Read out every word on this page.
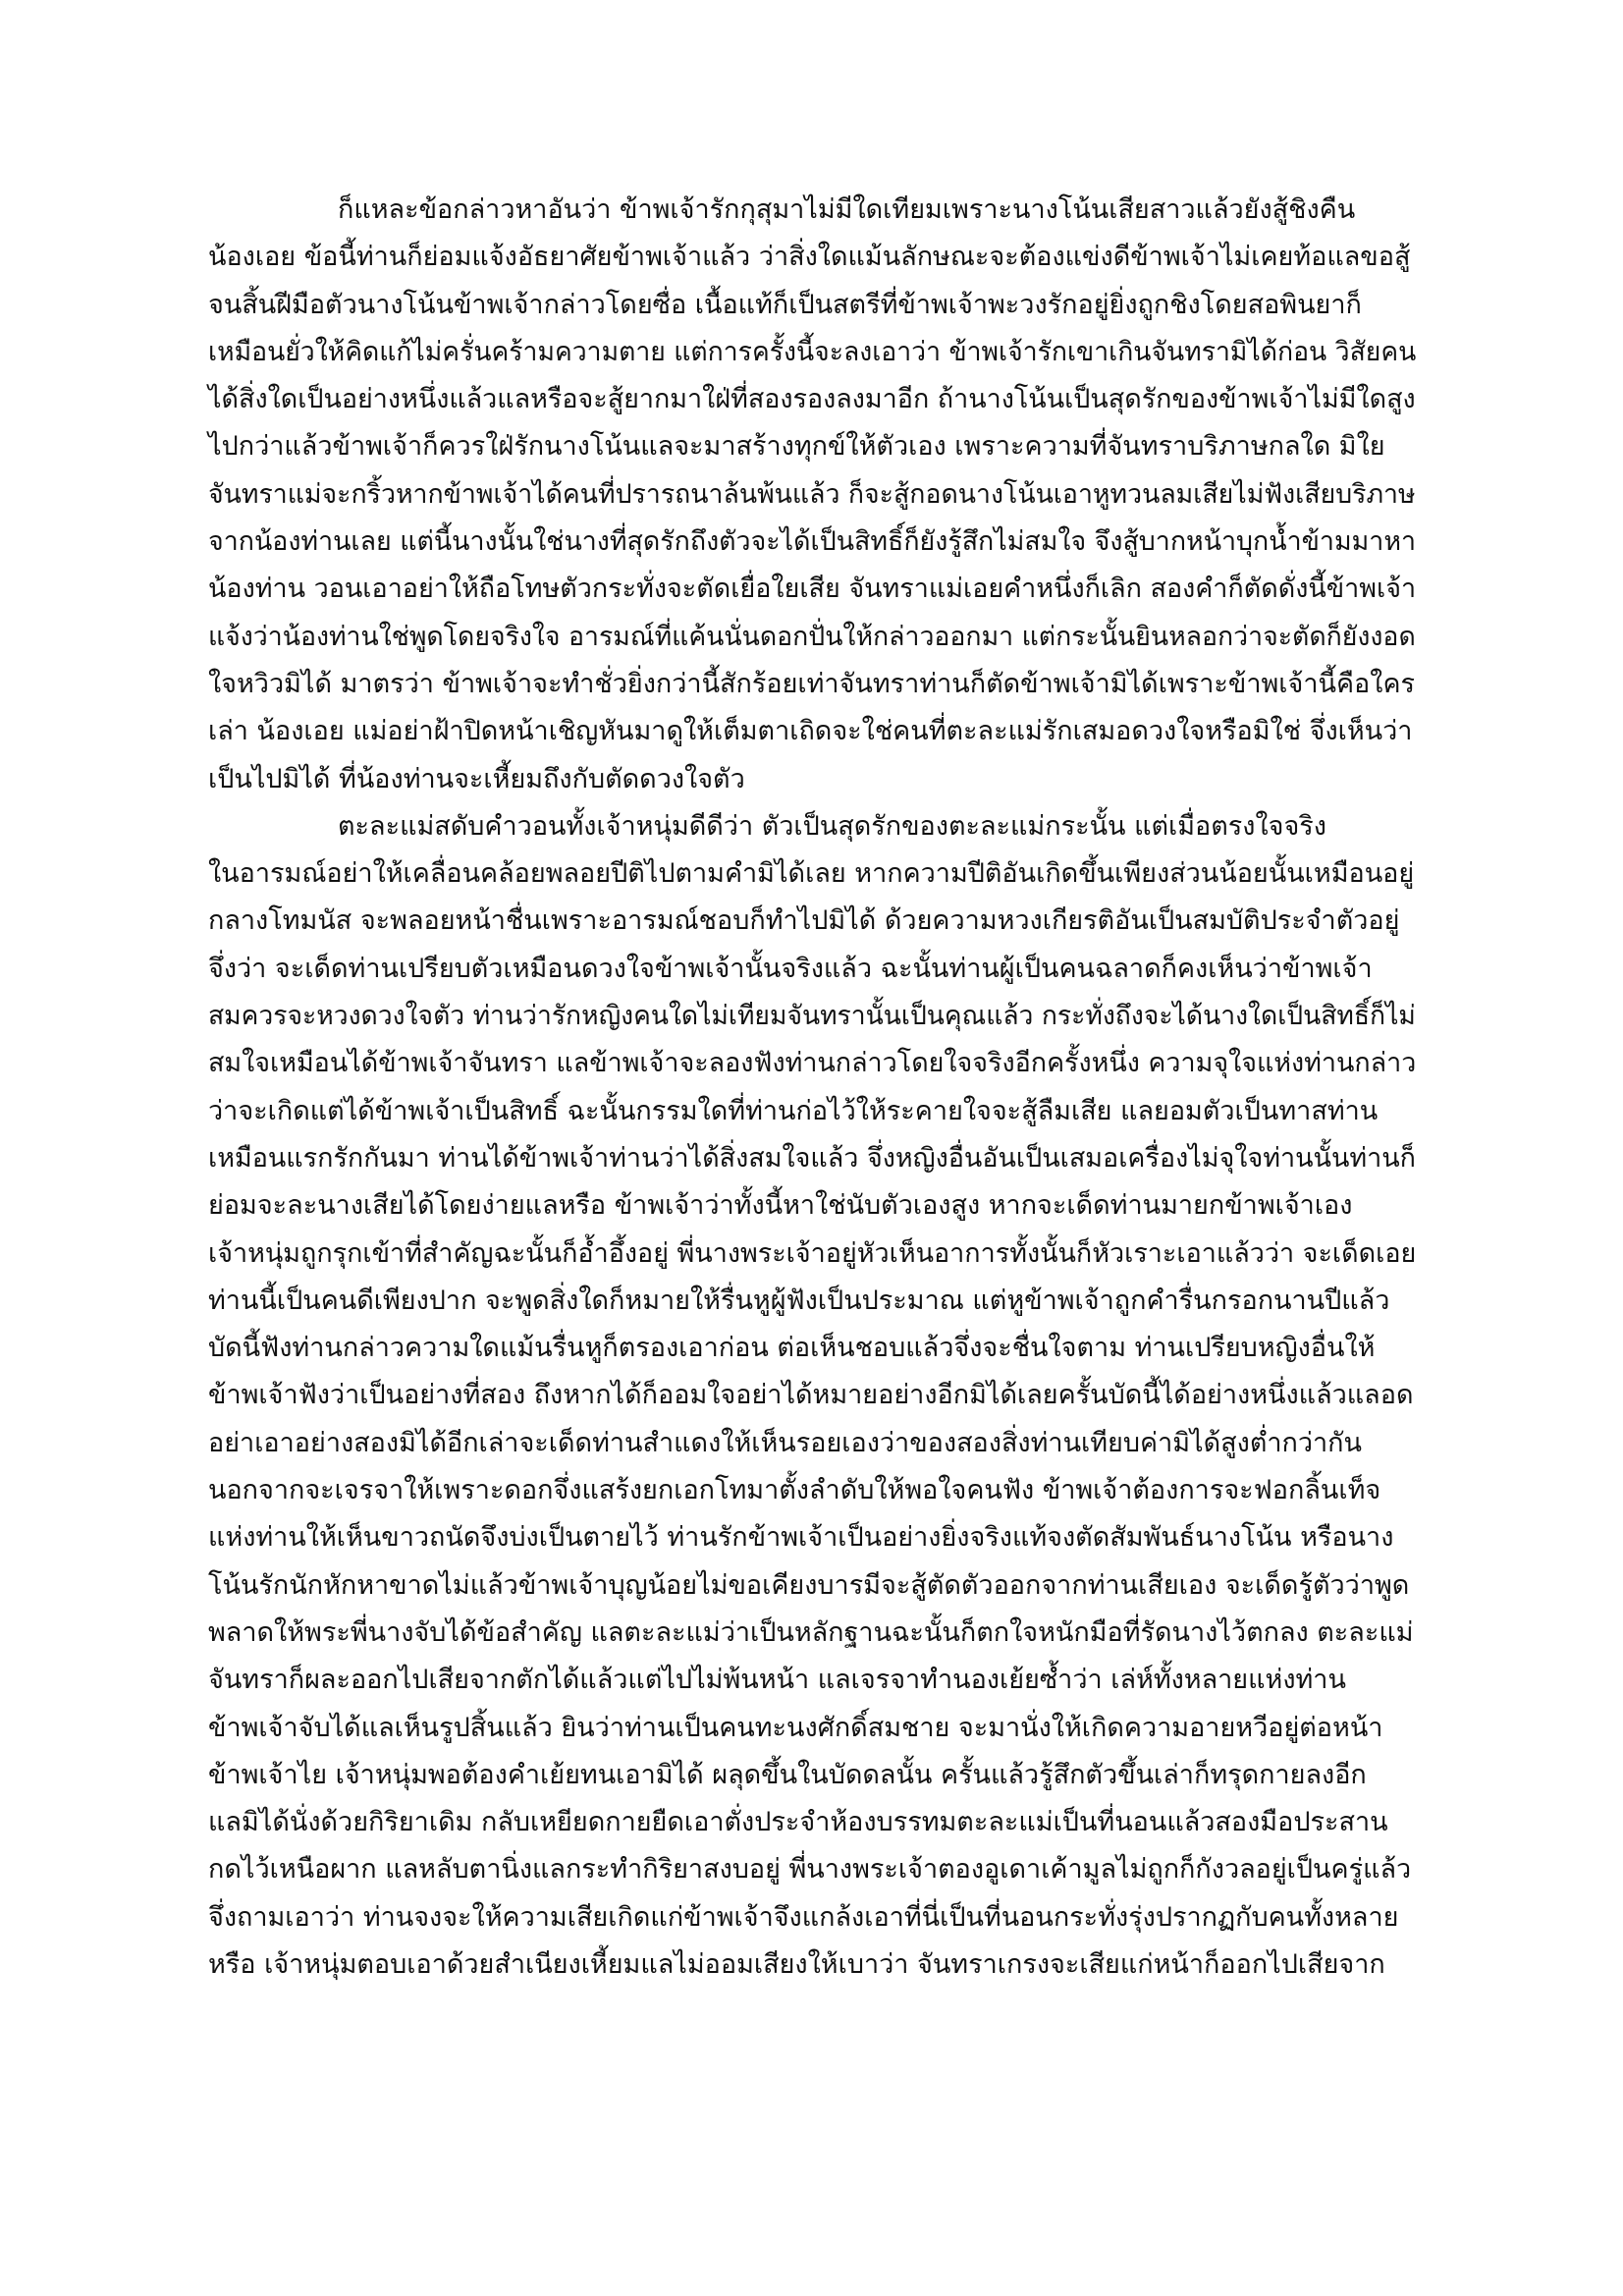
ก็แหละข้อกล่าวหาอันว่า ข้าพเจ้ารักกุสุมาไม่มีใดเทียมเพราะนางโน้นเสียสาวแล้วยังสู้ชิงคืน
น้องเอย ข้อนี้ท่านก็ย่อมแจ้งอัธยาศัยข้าพเจ้าแล้ว ว่าสิ่งใดแม้นลักษณะจะต้องแข่งดีข้าพเจ้าไม่เคยท้อแลขอสู้
จนสิ้นฝีมือตัวนางโน้นข้าพเจ้ากล่าวโดยซื่อ เนื้อแท้ก็เป็นสตรีที่ข้าพเจ้าพะวงรักอยู่ยิ่งถูกชิงโดยสอพินยาก็
เหมือนยั่วให้คิดแก้ไม่ครั่นคร้ามความตาย แต่การครั้งนี้จะลงเอาว่า ข้าพเจ้ารักเขาเกินจันทรามิได้ก่อน วิสัยคน
ได้สิ่งใดเป็นอย่างหนึ่งแล้วแลหรือจะสู้ยากมาใฝ่ที่สองรองลงมาอีก ถ้านางโน้นเป็นสุดรักของข้าพเจ้าไม่มีใดสูง
ไปกว่าแล้วข้าพเจ้าก็ควรใฝ่รักนางโน้นแลจะมาสร้างทุกข์ให้ตัวเอง เพราะความที่จันทราบริภาษกลใด มิใย
จันทราแม่จะกริ้วหากข้าพเจ้าได้คนที่ปรารถนาล้นพ้นแล้ว ก็จะสู้กอดนางโน้นเอาหูทวนลมเสียไม่ฟังเสียบริภาษ
จากน้องท่านเลย แต่นี้นางนั้นใช่นางที่สุดรักถึงตัวจะได้เป็นสิทธิ์ก็ยังรู้สึกไม่สมใจ จึงสู้บากหน้าบุกน้ำข้ามมาหา
น้องท่าน วอนเอาอย่าให้ถือโทษตัวกระทั่งจะตัดเยื่อใยเสีย จันทราแม่เอยคำหนึ่งก็เลิก สองคำก็ตัดดั่งนี้ข้าพเจ้า
แจ้งว่าน้องท่านใช่พูดโดยจริงใจ อารมณ์ที่แค้นนั่นดอกปั่นให้กล่าวออกมา แต่กระนั้นยินหลอกว่าจะตัดก็ยังงอด
ใจหวิวมิได้ มาตรว่า ข้าพเจ้าจะทำชั่วยิ่งกว่านี้สักร้อยเท่าจันทราท่านก็ตัดข้าพเจ้ามิได้เพราะข้าพเจ้านี้คือใคร
เล่า น้องเอย แม่อย่าฝ้าปิดหน้าเชิญหันมาดูให้เต็มตาเถิดจะใช่คนที่ตะละแม่รักเสมอดวงใจหรือมิใช่ จึ่งเห็นว่า
เป็นไปมิได้ ที่น้องท่านจะเหี้ยมถึงกับตัดดวงใจตัว
ตะละแม่สดับคำวอนทั้งเจ้าหนุ่มดีดีว่า ตัวเป็นสุดรักของตะละแม่กระนั้น แต่เมื่อตรงใจจริง
ในอารมณ์อย่าให้เคลื่อนคล้อยพลอยปีติไปตามคำมิได้เลย หากความปีติอันเกิดขึ้นเพียงส่วนน้อยนั้นเหมือนอยู่
กลางโทมนัส จะพลอยหน้าชื่นเพราะอารมณ์ชอบก็ทำไปมิได้ ด้วยความหวงเกียรติอันเป็นสมบัติประจำตัวอยู่
จึ่งว่า จะเด็ดท่านเปรียบตัวเหมือนดวงใจข้าพเจ้านั้นจริงแล้ว ฉะนั้นท่านผู้เป็นคนฉลาดก็คงเห็นว่าข้าพเจ้า
สมควรจะหวงดวงใจตัว ท่านว่ารักหญิงคนใดไม่เทียมจันทรานั้นเป็นคุณแล้ว กระทั่งถึงจะได้นางใดเป็นสิทธิ์ก็ไม่
สมใจเหมือนได้ข้าพเจ้าจันทรา แลข้าพเจ้าจะลองฟังท่านกล่าวโดยใจจริงอีกครั้งหนึ่ง ความจุใจแห่งท่านกล่าว
ว่าจะเกิดแต่ได้ข้าพเจ้าเป็นสิทธิ์ ฉะนั้นกรรมใดที่ท่านก่อไว้ให้ระคายใจจะสู้ลืมเสีย แลยอมตัวเป็นทาสท่าน
เหมือนแรกรักกันมา ท่านได้ข้าพเจ้าท่านว่าได้สิ่งสมใจแล้ว จึ่งหญิงอื่นอันเป็นเสมอเครื่องไม่จุใจท่านนั้นท่านก็
ย่อมจะละนางเสียได้โดยง่ายแลหรือ ข้าพเจ้าว่าทั้งนี้หาใช่นับตัวเองสูง หากจะเด็ดท่านมายกข้าพเจ้าเอง
เจ้าหนุ่มถูกรุกเข้าที่สำคัญฉะนั้นก็อ้ำอึ้งอยู่ พี่นางพระเจ้าอยู่หัวเห็นอาการทั้งนั้นก็หัวเราะเอาแล้วว่า จะเด็ดเอย
ท่านนี้เป็นคนดีเพียงปาก จะพูดสิ่งใดก็หมายให้รื่นหูผู้ฟังเป็นประมาณ แต่หูข้าพเจ้าถูกคำรื่นกรอกนานปีแล้ว
บัดนี้ฟังท่านกล่าวความใดแม้นรื่นหูก็ตรองเอาก่อน ต่อเห็นชอบแล้วจึ่งจะชื่นใจตาม ท่านเปรียบหญิงอื่นให้
ข้าพเจ้าฟังว่าเป็นอย่างที่สอง ถึงหากได้ก็ออมใจอย่าได้หมายอย่างอีกมิได้เลยครั้นบัดนี้ได้อย่างหนึ่งแล้วแลอด
อย่าเอาอย่างสองมิได้อีกเล่าจะเด็ดท่านสำแดงให้เห็นรอยเองว่าของสองสิ่งท่านเทียบค่ามิได้สูงต่ำกว่ากัน
นอกจากจะเจรจาให้เพราะดอกจึ่งแสร้งยกเอกโทมาตั้งลำดับให้พอใจคนฟัง ข้าพเจ้าต้องการจะฟอกลิ้นเท็จ
แห่งท่านให้เห็นขาวถนัดจึงบ่งเป็นตายไว้ ท่านรักข้าพเจ้าเป็นอย่างยิ่งจริงแท้จงตัดสัมพันธ์นางโน้น หรือนาง
โน้นรักนักหักหาขาดไม่แล้วข้าพเจ้าบุญน้อยไม่ขอเคียงบารมีจะสู้ตัดตัวออกจากท่านเสียเอง จะเด็ดรู้ตัวว่าพูด
พลาดให้พระพี่นางจับได้ข้อสำคัญ แลตะละแม่ว่าเป็นหลักฐานฉะนั้นก็ตกใจหนักมือที่รัดนางไว้ตกลง ตะละแม่
จันทราก็ผละออกไปเสียจากตักได้แล้วแต่ไปไม่พ้นหน้า แลเจรจาทำนองเย้ยซ้ำว่า เล่ห์ทั้งหลายแห่งท่าน
ข้าพเจ้าจับได้แลเห็นรูปสิ้นแล้ว ยินว่าท่านเป็นคนทะนงศักดิ์สมชาย จะมานั่งให้เกิดความอายหวีอยู่ต่อหน้า
ข้าพเจ้าไย เจ้าหนุ่มพอต้องคำเย้ยทนเอามิได้ ผลุดขึ้นในบัดดลนั้น ครั้นแล้วรู้สึกตัวขึ้นเล่าก็ทรุดกายลงอีก
แลมิได้นั่งด้วยกิริยาเดิม กลับเหยียดกายยืดเอาตั่งประจำห้องบรรทมตะละแม่เป็นที่นอนแล้วสองมือประสาน
กดไว้เหนือผาก แลหลับตานิ่งแลกระทำกิริยาสงบอยู่ พี่นางพระเจ้าตองอูเดาเค้ามูลไม่ถูกก็กังวลอยู่เป็นครู่แล้ว
จึ่งถามเอาว่า ท่านจงจะให้ความเสียเกิดแก่ข้าพเจ้าจึงแกล้งเอาที่นี่เป็นที่นอนกระทั่งรุ่งปรากฏกับคนทั้งหลาย
หรือ เจ้าหนุ่มตอบเอาด้วยสำเนียงเหี้ยมแลไม่ออมเสียงให้เบาว่า จันทราเกรงจะเสียแก่หน้าก็ออกไปเสียจาก
